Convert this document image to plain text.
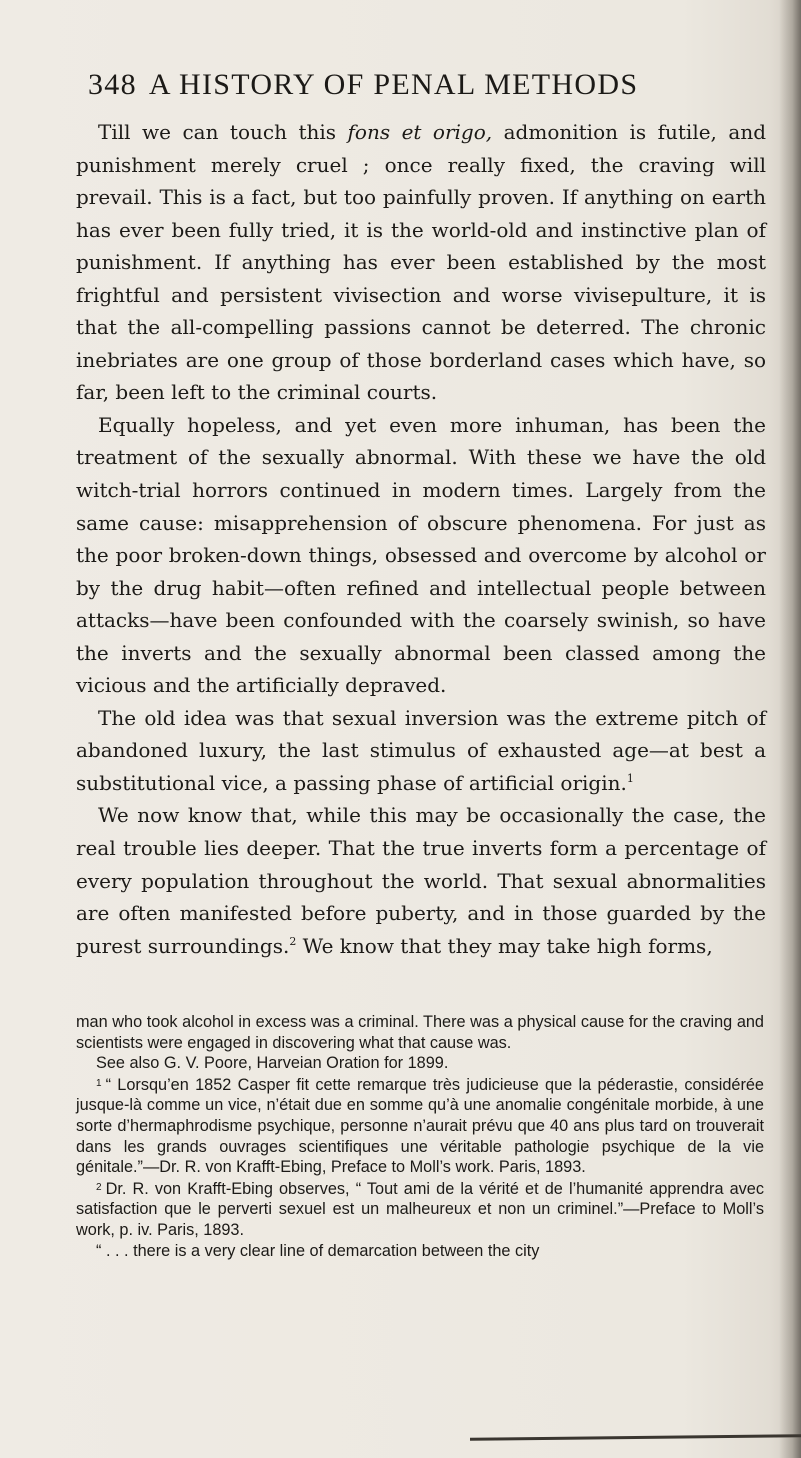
348 A HISTORY OF PENAL METHODS

Till we can touch this fons et origo, admonition is futile, and punishment merely cruel ; once really fixed, the craving will prevail. This is a fact, but too painfully proven. If anything on earth has ever been fully tried, it is the world-old and instinctive plan of punishment. If anything has ever been established by the most frightful and persistent vivisection and worse vivisepulture, it is that the all-compelling passions cannot be deterred. The chronic inebriates are one group of those borderland cases which have, so far, been left to the criminal courts.

Equally hopeless, and yet even more inhuman, has been the treatment of the sexually abnormal. With these we have the old witch-trial horrors continued in modern times. Largely from the same cause: misapprehension of obscure phenomena. For just as the poor broken-down things, obsessed and overcome by alcohol or by the drug habit—often refined and intellectual people between attacks—have been confounded with the coarsely swinish, so have the inverts and the sexually abnormal been classed among the vicious and the artificially depraved.

The old idea was that sexual inversion was the extreme pitch of abandoned luxury, the last stimulus of exhausted age—at best a substitutional vice, a passing phase of artificial origin.$^1$

We now know that, while this may be occasionally the case, the real trouble lies deeper. That the true inverts form a percentage of every population throughout the world. That sexual abnormalities are often manifested before puberty, and in those guarded by the purest surroundings.$^2$ We know that they may take high forms,

man who took alcohol in excess was a criminal. There was a physical cause for the craving and scientists were engaged in discovering what that cause was.

See also G. V. Poore, Harveian Oration for 1899.

$^1$ “ Lorsqu’en 1852 Casper fit cette remarque très judicieuse que la péderastie, considérée jusque-là comme un vice, n’était due en somme qu’à une anomalie congénitale morbide, à une sorte d’hermaphrodisme psychique, personne n’aurait prévu que 40 ans plus tard on trouverait dans les grands ouvrages scientifiques une véritable pathologie psychique de la vie génitale.”—Dr. R. von Krafft-Ebing, Preface to Moll’s work. Paris, 1893.

$^2$ Dr. R. von Krafft-Ebing observes, “ Tout ami de la vérité et de l’humanité apprendra avec satisfaction que le perverti sexuel est un malheureux et non un criminel.”—Preface to Moll’s work, p. iv. Paris, 1893.

“ . . . there is a very clear line of demarcation between the city
